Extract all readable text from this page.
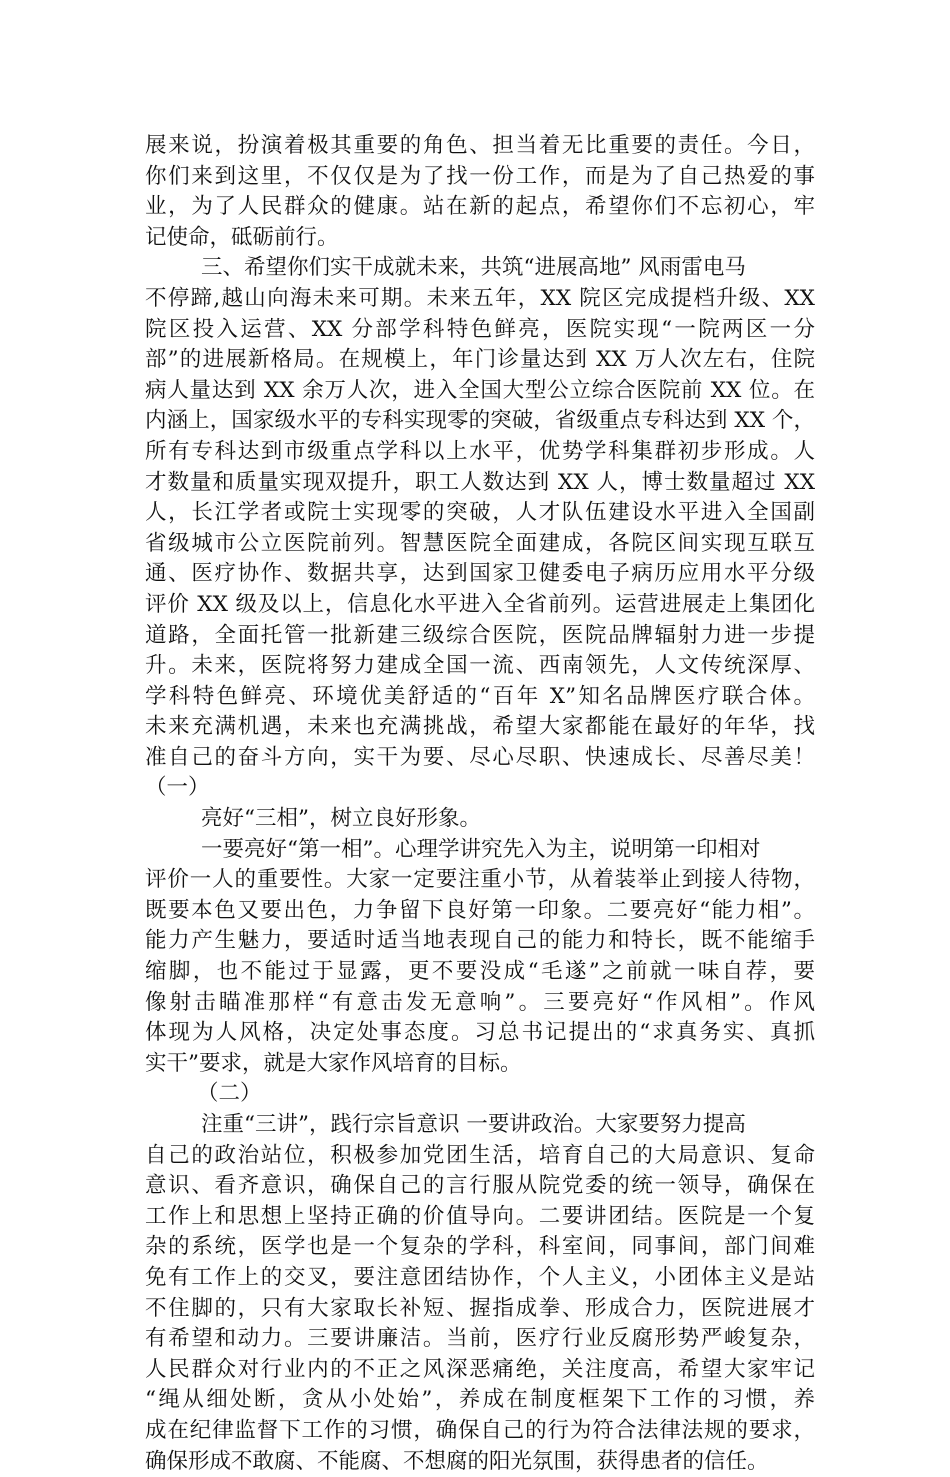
展来说，扮演着极其重要的角色、担当着无比重要的责任。今日，
你们来到这里，不仅仅是为了找一份工作，而是为了自己热爱的事
业，为了人民群众的健康。站在新的起点，希望你们不忘初心，牢
记使命，砥砺前行。
三、希望你们实干成就未来，共筑“进展高地” 风雨雷电马
不停蹄,越山向海未来可期。未来五年，XX 院区完成提档升级、XX
院区投入运营、XX 分部学科特色鲜亮，医院实现“一院两区一分
部”的进展新格局。在规模上，年门诊量达到 XX 万人次左右，住院
病人量达到 XX 余万人次，进入全国大型公立综合医院前 XX 位。在
内涵上，国家级水平的专科实现零的突破，省级重点专科达到 XX 个，
所有专科达到市级重点学科以上水平，优势学科集群初步形成。人
才数量和质量实现双提升，职工人数达到 XX 人，博士数量超过 XX
人，长江学者或院士实现零的突破，人才队伍建设水平进入全国副
省级城市公立医院前列。智慧医院全面建成，各院区间实现互联互
通、医疗协作、数据共享，达到国家卫健委电子病历应用水平分级
评价 XX 级及以上，信息化水平进入全省前列。运营进展走上集团化
道路，全面托管一批新建三级综合医院，医院品牌辐射力进一步提
升。未来，医院将努力建成全国一流、西南领先，人文传统深厚、
学科特色鲜亮、环境优美舒适的“百年 X”知名品牌医疗联合体。
未来充满机遇，未来也充满挑战，希望大家都能在最好的年华，找
准自己的奋斗方向，实干为要、尽心尽职、快速成长、尽善尽美！
（一）
亮好“三相”，树立良好形象。
一要亮好“第一相”。心理学讲究先入为主，说明第一印相对
评价一人的重要性。大家一定要注重小节，从着装举止到接人待物，
既要本色又要出色，力争留下良好第一印象。二要亮好“能力相”。
能力产生魅力，要适时适当地表现自己的能力和特长，既不能缩手
缩脚，也不能过于显露，更不要没成“毛遂”之前就一味自荐，要
像射击瞄准那样“有意击发无意响”。三要亮好“作风相”。作风
体现为人风格，决定处事态度。习总书记提出的“求真务实、真抓
实干”要求，就是大家作风培育的目标。
（二）
注重“三讲”，践行宗旨意识 一要讲政治。大家要努力提高
自己的政治站位，积极参加党团生活，培育自己的大局意识、复命
意识、看齐意识，确保自己的言行服从院党委的统一领导，确保在
工作上和思想上坚持正确的价值导向。二要讲团结。医院是一个复
杂的系统，医学也是一个复杂的学科，科室间，同事间，部门间难
免有工作上的交叉，要注意团结协作，个人主义，小团体主义是站
不住脚的，只有大家取长补短、握指成拳、形成合力，医院进展才
有希望和动力。三要讲廉洁。当前，医疗行业反腐形势严峻复杂，
人民群众对行业内的不正之风深恶痛绝，关注度高，希望大家牢记
“绳从细处断，贪从小处始”，养成在制度框架下工作的习惯，养
成在纪律监督下工作的习惯，确保自己的行为符合法律法规的要求，
确保形成不敢腐、不能腐、不想腐的阳光氛围，获得患者的信任。
